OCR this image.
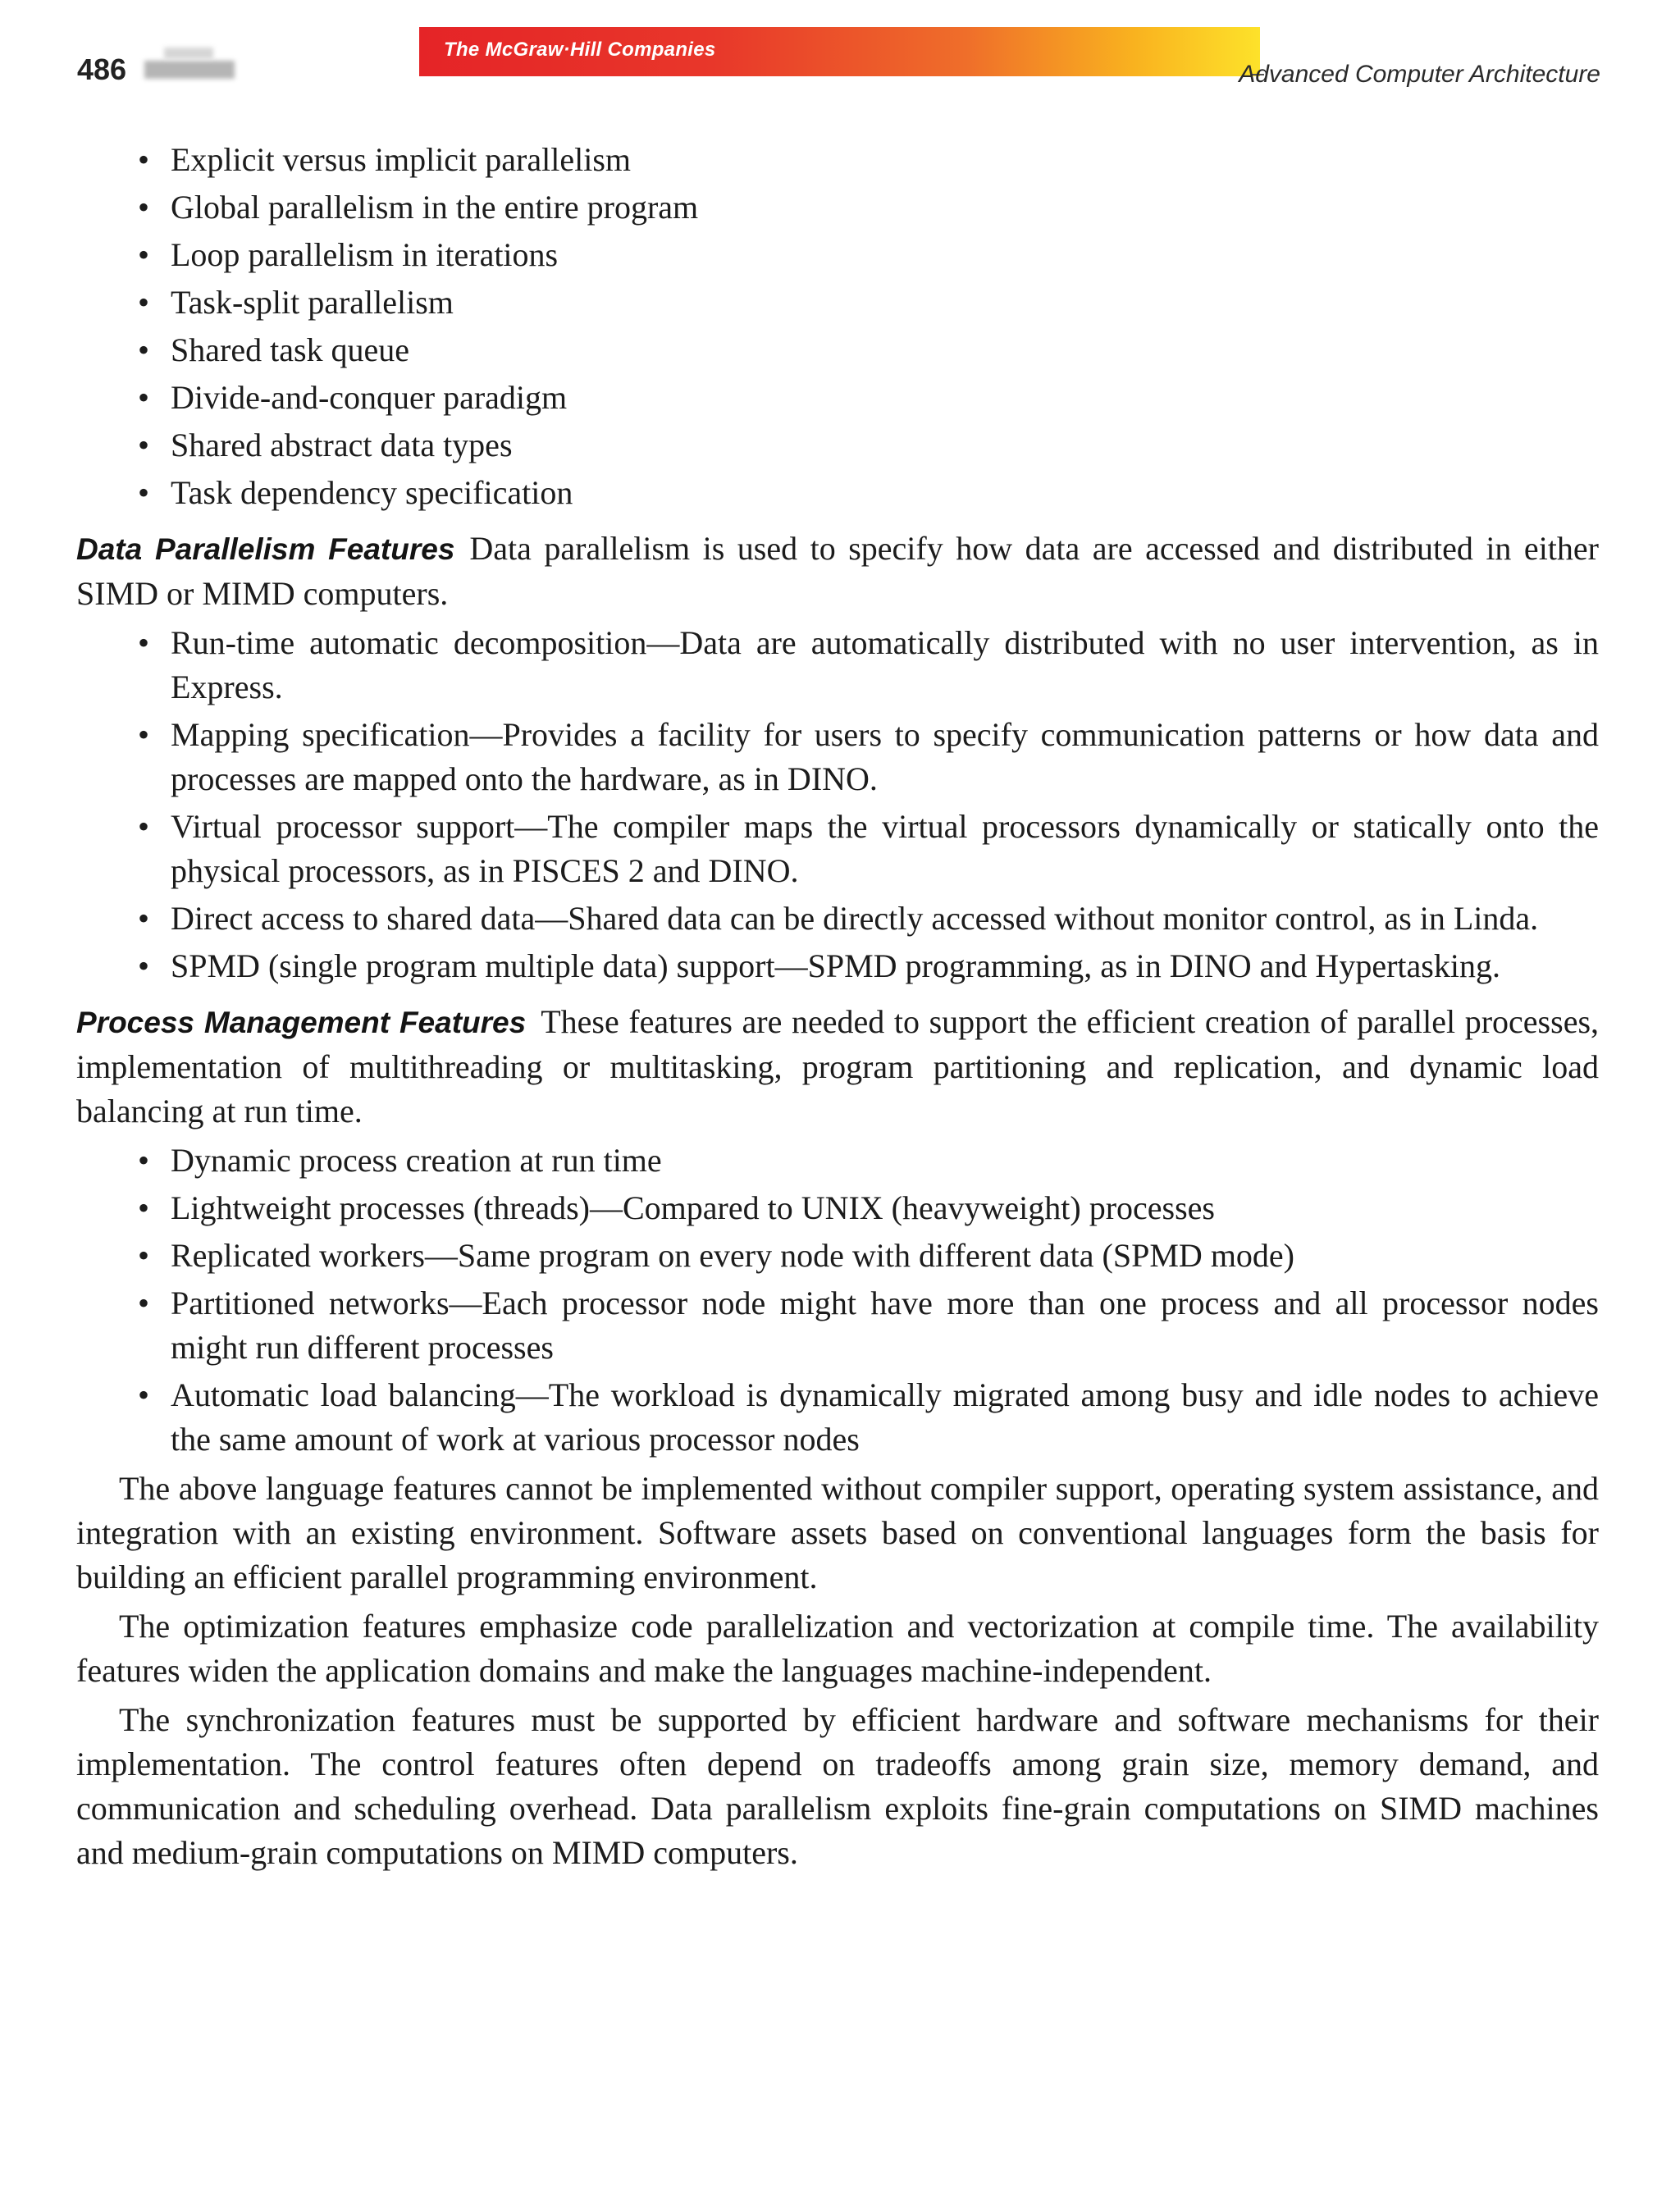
486
The McGraw·Hill Companies
Advanced Computer Architecture
• Explicit versus implicit parallelism
• Global parallelism in the entire program
• Loop parallelism in iterations
• Task-split parallelism
• Shared task queue
• Divide-and-conquer paradigm
• Shared abstract data types
• Task dependency specification

Data Parallelism Features Data parallelism is used to specify how data are accessed and distributed in either SIMD or MIMD computers.

• Run-time automatic decomposition—Data are automatically distributed with no user intervention, as in Express.
• Mapping specification—Provides a facility for users to specify communication patterns or how data and processes are mapped onto the hardware, as in DINO.
• Virtual processor support—The compiler maps the virtual processors dynamically or statically onto the physical processors, as in PISCES 2 and DINO.
• Direct access to shared data—Shared data can be directly accessed without monitor control, as in Linda.
• SPMD (single program multiple data) support—SPMD programming, as in DINO and Hypertasking.

Process Management Features These features are needed to support the efficient creation of parallel processes, implementation of multithreading or multitasking, program partitioning and replication, and dynamic load balancing at run time.

• Dynamic process creation at run time
• Lightweight processes (threads)—Compared to UNIX (heavyweight) processes
• Replicated workers—Same program on every node with different data (SPMD mode)
• Partitioned networks—Each processor node might have more than one process and all processor nodes might run different processes
• Automatic load balancing—The workload is dynamically migrated among busy and idle nodes to achieve the same amount of work at various processor nodes

The above language features cannot be implemented without compiler support, operating system assistance, and integration with an existing environment. Software assets based on conventional languages form the basis for building an efficient parallel programming environment.

The optimization features emphasize code parallelization and vectorization at compile time. The availability features widen the application domains and make the languages machine-independent.

The synchronization features must be supported by efficient hardware and software mechanisms for their implementation. The control features often depend on tradeoffs among grain size, memory demand, and communication and scheduling overhead. Data parallelism exploits fine-grain computations on SIMD machines and medium-grain computations on MIMD computers.
